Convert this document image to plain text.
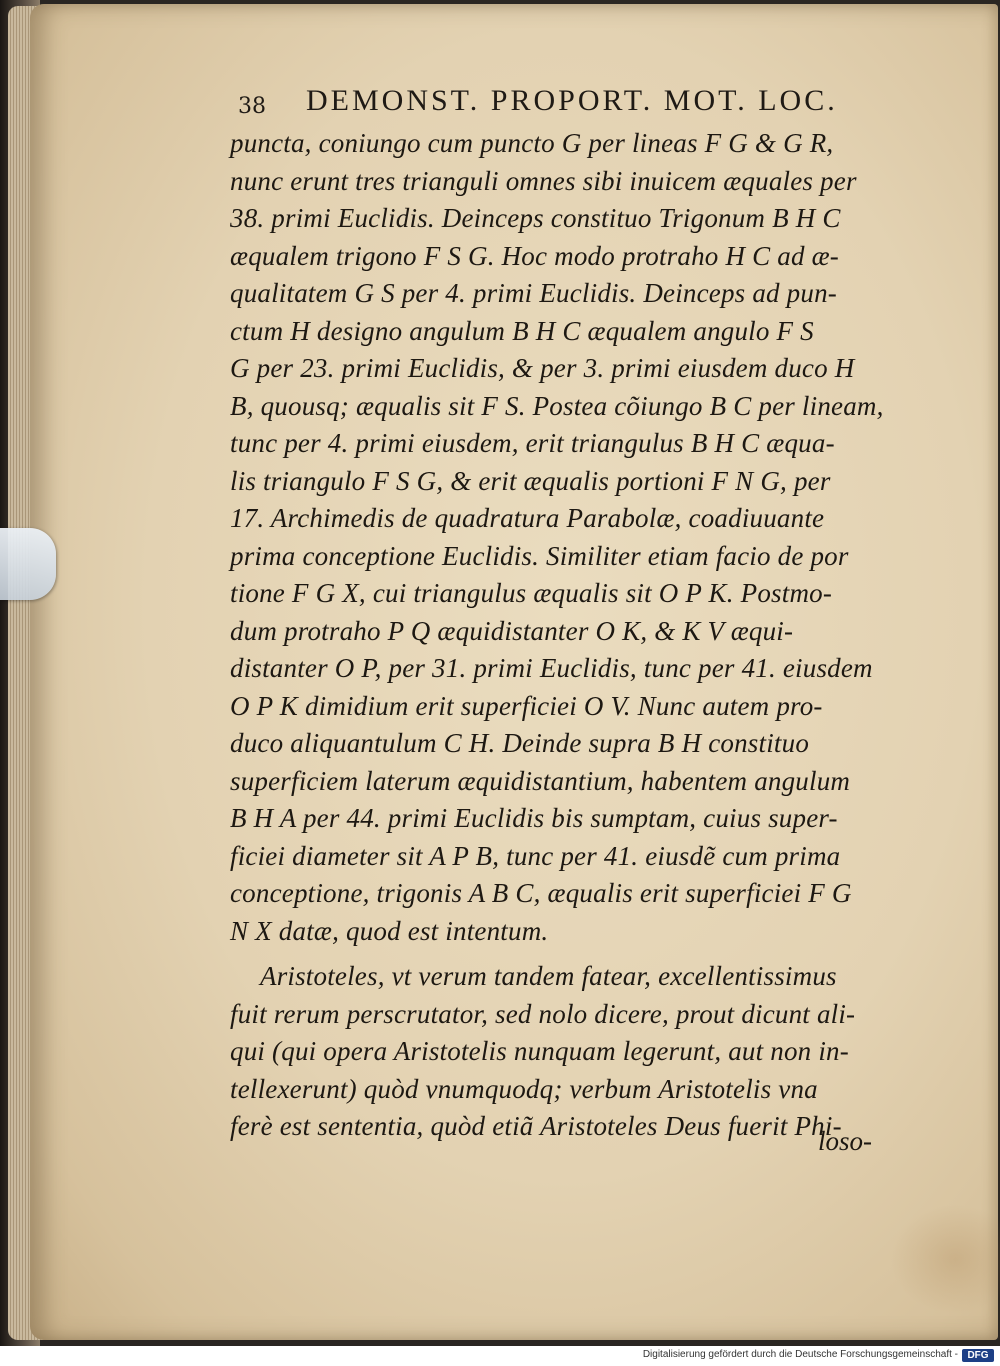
38 DEMONST. PROPORT. MOT. LOC.
puncta, coniungo cum puncto G per lineas F G & G R,
nunc erunt tres trianguli omnes sibi inuicem æquales per
38. primi Euclidis. Deinceps constituo Trigonum B H C
æqualem trigono F S G. Hoc modo protraho H C ad æ-
qualitatem G S per 4. primi Euclidis. Deinceps ad pun-
ctum H designo angulum B H C æqualem angulo F S
G per 23. primi Euclidis, & per 3. primi eiusdem duco H
B, quousq; æqualis sit F S. Postea cõiungo B C per lineam,
tunc per 4. primi eiusdem, erit triangulus B H C æqua-
lis triangulo F S G, & erit æqualis portioni F N G, per
17. Archimedis de quadratura Parabolæ, coadiuuante
prima conceptione Euclidis. Similiter etiam facio de por
tione F G X, cui triangulus æqualis sit O P K. Postmo-
dum protraho P Q æquidistanter O K, & K V æqui-
distanter O P, per 31. primi Euclidis, tunc per 41. eiusdem
O P K dimidium erit superficiei O V. Nunc autem pro-
duco aliquantulum C H. Deinde supra B H constituo
superficiem laterum æquidistantium, habentem angulum
B H A per 44. primi Euclidis bis sumptam, cuius super-
ficiei diameter sit A P B, tunc per 41. eiusdẽ cum prima
conceptione, trigonis A B C, æqualis erit superficiei F G
N X datæ, quod est intentum.
Aristoteles, vt verum tandem fatear, excellentissimus
fuit rerum perscrutator, sed nolo dicere, prout dicunt ali-
qui (qui opera Aristotelis nunquam legerunt, aut non in-
tellexerunt) quòd vnumquodq; verbum Aristotelis vna
ferè est sententia, quòd etiã Aristoteles Deus fuerit Phi-
loso-
Digitalisierung gefördert durch die Deutsche Forschungsgemeinschaft - DFG
